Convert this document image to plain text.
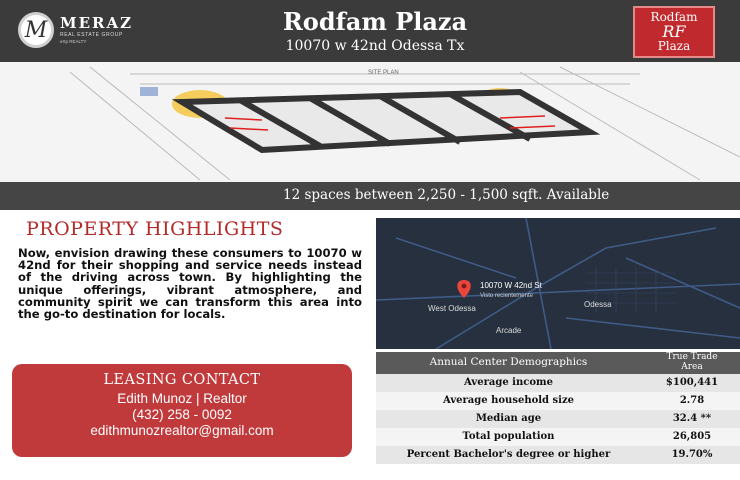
M MERAZ
REAL ESTATE GROUP
eXp REALTY
Rodfam Plaza
10070 w 42nd Odessa Tx
Rodfam
RF
Plaza
SITE PLAN
12 spaces between 2,250 - 1,500 sqft. Available
PROPERTY HIGHLIGHTS
Now, envision drawing these consumers to 10070 w 42nd for their shopping and service needs instead of the driving across town. By highlighting the unique offerings, vibrant atmosphere, and community spirit we can transform this area into the go-to destination for locals.
LEASING CONTACT
Edith Munoz | Realtor
(432) 258 - 0092
edithmunozrealtor@gmail.com
10070 W 42nd St
Visto recientemente
West Odessa	Odessa
Arcade
Annual Center Demographics	True Trade
Area
Average income	$100,441
Average household size	2.78
Median age	32.4 **
Total population	26,805
Percent Bachelor's degree or higher	19.70%
